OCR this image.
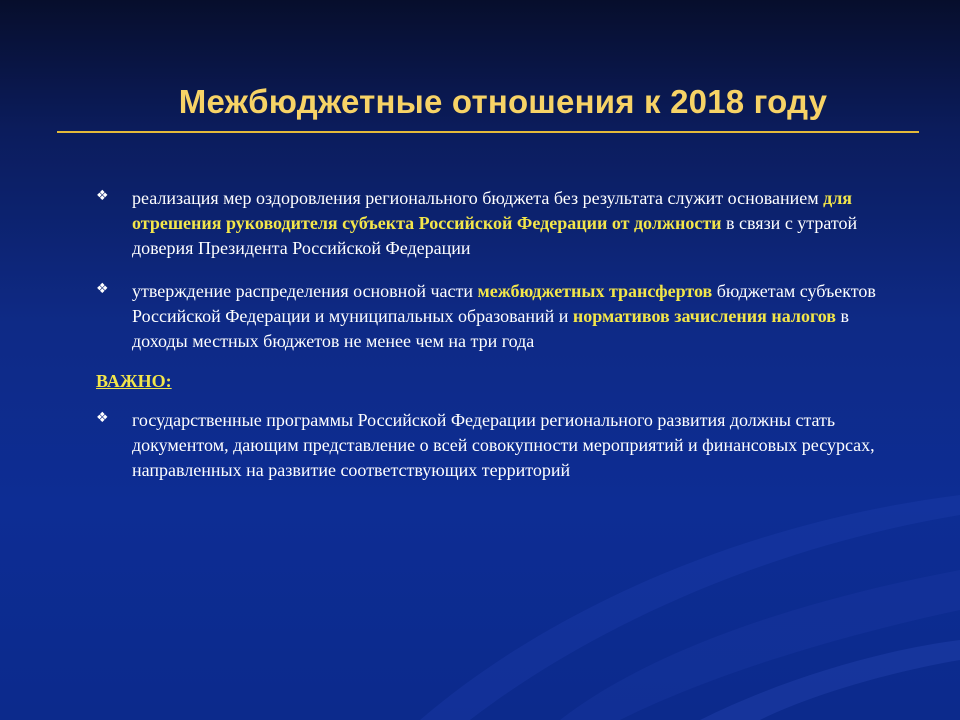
Межбюджетные отношения к 2018 году
❖ реализация мер оздоровления регионального бюджета без результата служит основанием для отрешения руководителя субъекта Российской Федерации от должности в связи с утратой доверия Президента Российской Федерации
❖ утверждение распределения основной части межбюджетных трансфертов бюджетам субъектов Российской Федерации и муниципальных образований и нормативов зачисления налогов в доходы местных бюджетов не менее чем на три года
ВАЖНО:
❖ государственные программы Российской Федерации регионального развития должны стать документом, дающим представление о всей совокупности мероприятий и финансовых ресурсах, направленных на развитие соответствующих территорий
